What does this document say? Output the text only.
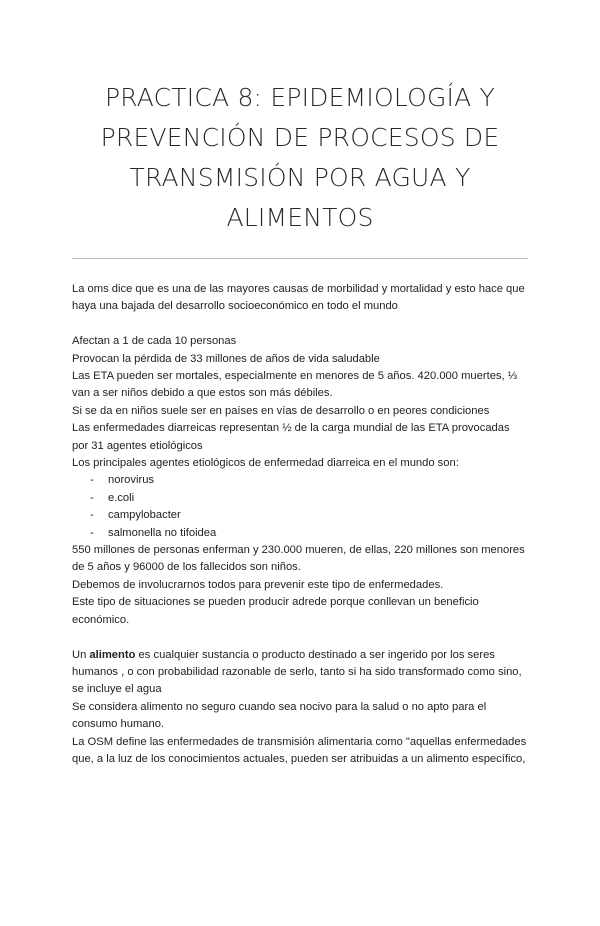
PRACTICA 8: EPIDEMIOLOGÍA Y
PREVENCIÓN DE PROCESOS DE
TRANSMISIÓN POR AGUA Y
ALIMENTOS

La oms dice que es una de las mayores causas de morbilidad y mortalidad y esto hace que haya una bajada del desarrollo socioeconómico en todo el mundo

Afectan a 1 de cada 10 personas

Provocan la pérdida de 33 millones de años de vida saludable

Las ETA pueden ser mortales, especialmente en menores de 5 años. 420.000 muertes, ⅓ van a ser niños debido a que estos son más débiles.

Si se da en niños suele ser en países en vías de desarrollo o en peores condiciones

Las enfermedades diarreicas representan ½ de la carga mundial de las ETA provocadas por 31 agentes etiológicos

Los principales agentes etiológicos de enfermedad diarreica en el mundo son:

- norovirus
- e.coli
- campylobacter
- salmonella no tifoidea

550 millones de personas enferman y 230.000 mueren, de ellas, 220 millones son menores de 5 años y 96000 de los fallecidos son niños.

Debemos de involucrarnos todos para prevenir este tipo de enfermedades.

Este tipo de situaciones se pueden producir adrede porque conllevan un beneficio económico.

Un alimento es cualquier sustancia o producto destinado a ser ingerido por los seres humanos , o con probabilidad razonable de serlo, tanto si ha sido transformado como sino, se incluye el agua

Se considera alimento no seguro cuando sea nocivo para la salud o no apto para el consumo humano.

La OSM define las enfermedades de transmisión alimentaria como "aquellas enfermedades que, a la luz de los conocimientos actuales, pueden ser atribuidas a un alimento específico,
